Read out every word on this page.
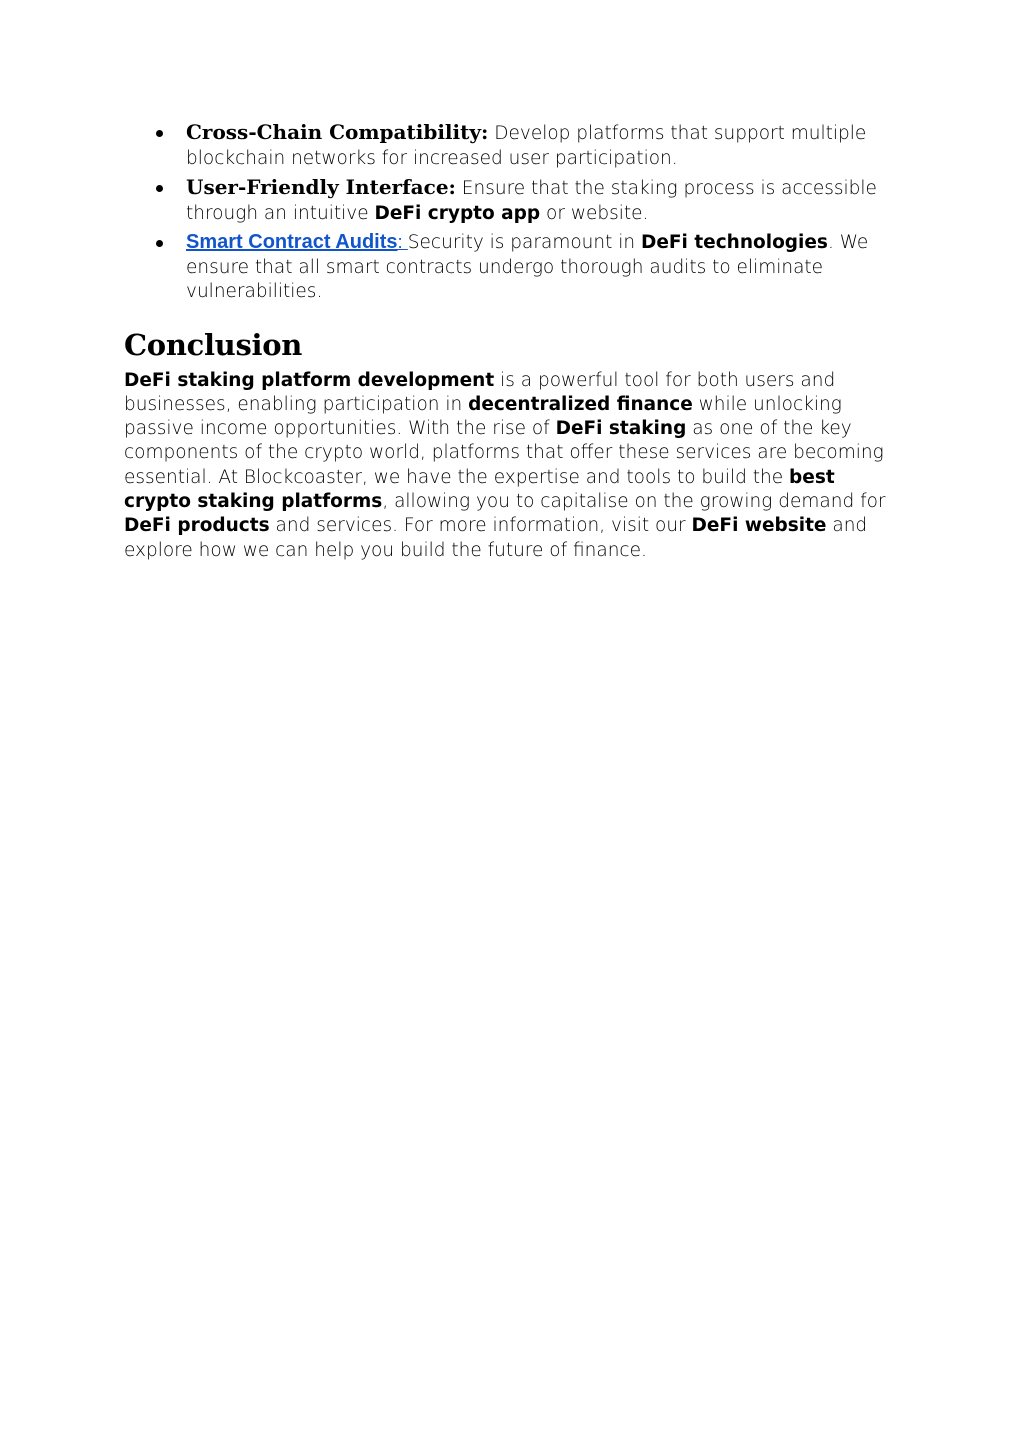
Cross-Chain Compatibility: Develop platforms that support multiple blockchain networks for increased user participation.
User-Friendly Interface: Ensure that the staking process is accessible through an intuitive DeFi crypto app or website.
Smart Contract Audits: Security is paramount in DeFi technologies. We ensure that all smart contracts undergo thorough audits to eliminate vulnerabilities.
Conclusion

DeFi staking platform development is a powerful tool for both users and businesses, enabling participation in decentralized finance while unlocking passive income opportunities. With the rise of DeFi staking as one of the key components of the crypto world, platforms that offer these services are becoming essential. At Blockcoaster, we have the expertise and tools to build the best crypto staking platforms, allowing you to capitalise on the growing demand for DeFi products and services. For more information, visit our DeFi website and explore how we can help you build the future of finance.
